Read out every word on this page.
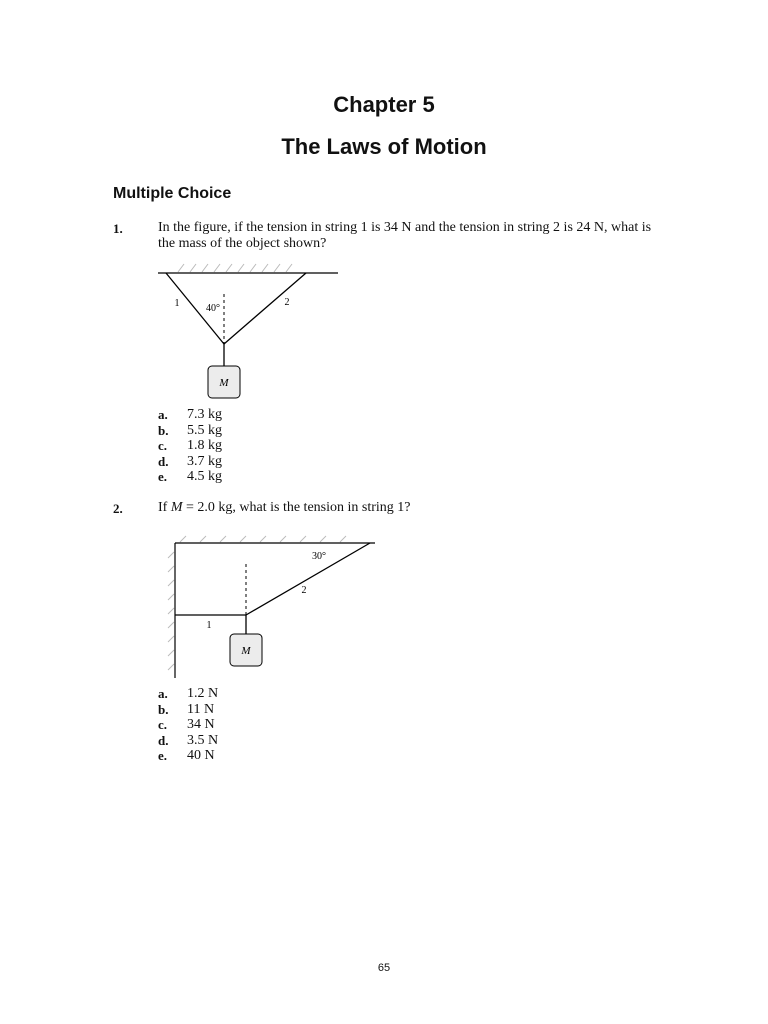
Chapter 5
The Laws of Motion
Multiple Choice
1.	In the figure, if the tension in string 1 is 34 N and the tension in string 2 is 24 N, what is the mass of the object shown?
M
1	2
40°
a.	7.3 kg
b.	5.5 kg
c.	1.8 kg
d.	3.7 kg
e.	4.5 kg
2.	If M = 2.0 kg, what is the tension in string 1?
M
1
2
30°
a.	1.2 N
b.	11 N
c.	34 N
d.	3.5 N
e.	40 N
65
